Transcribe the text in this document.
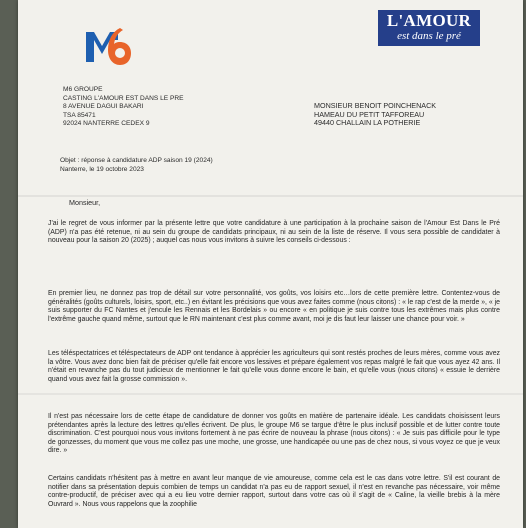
L'AMOUR
est dans le pré

M6 GROUPE
CASTING L'AMOUR EST DANS LE PRE
8 AVENUE DAGUI BAKARI
TSA 85471
92024 NANTERRE CEDEX 9

MONSIEUR BENOIT POINCHENACK
HAMEAU DU PETIT TAFFOREAU
49440 CHALLAIN LA POTHERIE

Objet : réponse à candidature ADP saison 19 (2024)
Nanterre, le 19 octobre 2023
Monsieur,
J'ai le regret de vous informer par la présente lettre que votre candidature à une participation à la prochaine saison de l'Amour Est Dans le Pré (ADP) n'a pas été retenue, ni au sein du groupe de candidats principaux, ni au sein de la liste de réserve. Il vous sera possible de candidater à nouveau pour la saison 20 (2025) ; auquel cas nous vous invitons à suivre les conseils ci-dessous :
En premier lieu, ne donnez pas trop de détail sur votre personnalité, vos goûts, vos loisirs etc…lors de cette première lettre. Contentez-vous de généralités (goûts culturels, loisirs, sport, etc..) en évitant les précisions que vous avez faites comme (nous citons) : « le rap c'est de la merde », « je suis supporter du FC Nantes et j'encule les Rennais et les Bordelais » ou encore « en politique je suis contre tous les extrêmes mais plus contre l'extrême gauche quand même, surtout que le RN maintenant c'est plus comme avant, moi je dis faut leur laisser une chance pour voir. »
Les téléspectatrices et téléspectateurs de ADP ont tendance à apprécier les agriculteurs qui sont restés proches de leurs mères, comme vous avez la vôtre. Vous avez donc bien fait de préciser qu'elle fait encore vos lessives et prépare également vos repas malgré le fait que vous ayez 42 ans. Il n'était en revanche pas du tout judicieux de mentionner le fait qu'elle vous donne encore le bain, et qu'elle vous (nous citons) « essuie le derrière quand vous avez fait la grosse commission ».
Il n'est pas nécessaire lors de cette étape de candidature de donner vos goûts en matière de partenaire idéale. Les candidats choisissent leurs prétendantes après la lecture des lettres qu'elles écrivent. De plus, le groupe M6 se targue d'être le plus inclusif possible et de lutter contre toute discrimination. C'est pourquoi nous vous invitons fortement à ne pas écrire de nouveau la phrase (nous citons) : « Je suis pas difficile pour le type de gonzesses, du moment que vous me collez pas une moche, une grosse, une handicapée ou une pas de chez nous, si vous voyez ce que je veux dire. »
Certains candidats n'hésitent pas à mettre en avant leur manque de vie amoureuse, comme cela est le cas dans votre lettre. S'il est courant de notifier dans sa présentation depuis combien de temps un candidat n'a pas eu de rapport sexuel, il n'est en revanche pas nécessaire, voir même contre-productif, de préciser avec qui a eu lieu votre dernier rapport, surtout dans votre cas où il s'agit de « Caline, la vieille brebis à la mère Ouvrard ». Nous vous rappelons que la zoophilie
